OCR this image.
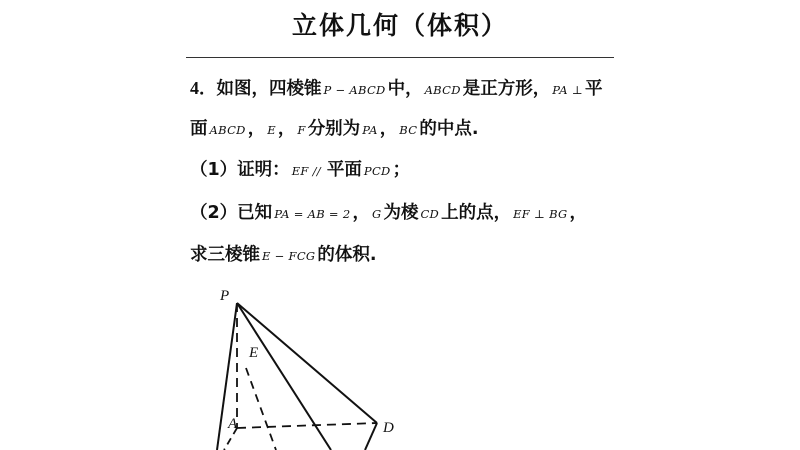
立体几何（体积）
4．如图，四棱锥 P − ABCD 中， ABCD 是正方形， PA ⊥ 平
面ABCD ， E ， F 分别为 PA ， BC 的中点.
（1）证明： EF // 平面 PCD ；
（2）已知 PA = AB = 2 ， G 为棱 CD 上的点， EF ⊥ BG ，
求三棱锥 E − FCG 的体积.
P
E
A	D
